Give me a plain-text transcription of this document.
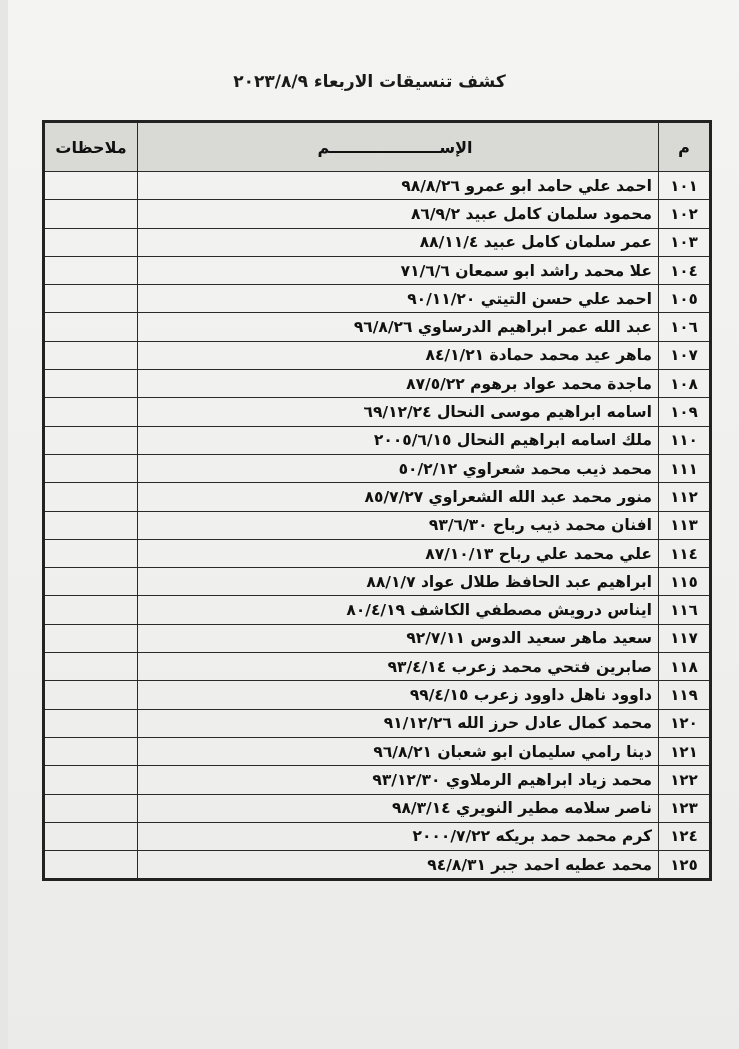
كشف تنسيقات الاربعاء ٢٠٢٣/٨/٩
م	الإســــــــــــــــــــم	ملاحظات
١٠١	احمد علي حامد ابو عمرو ٩٨/٨/٢٦	
١٠٢	محمود سلمان كامل عبيد ٨٦/٩/٢	
١٠٣	عمر سلمان كامل عبيد ٨٨/١١/٤	
١٠٤	علا محمد راشد ابو سمعان ٧١/٦/٦	
١٠٥	احمد علي حسن التيتي ٩٠/١١/٢٠	
١٠٦	عبد الله عمر ابراهيم الدرساوي ٩٦/٨/٢٦	
١٠٧	ماهر عيد محمد حمادة ٨٤/١/٢١	
١٠٨	ماجدة محمد عواد برهوم ٨٧/٥/٢٢	
١٠٩	اسامه ابراهيم موسى النحال ٦٩/١٢/٢٤	
١١٠	ملك اسامه ابراهيم النحال ٢٠٠٥/٦/١٥	
١١١	محمد ذيب محمد شعراوي ٥٠/٢/١٢	
١١٢	منور محمد عبد الله الشعراوي ٨٥/٧/٢٧	
١١٣	افنان محمد ذيب رباح ٩٣/٦/٣٠	
١١٤	علي محمد علي رباح ٨٧/١٠/١٣	
١١٥	ابراهيم عبد الحافظ طلال عواد ٨٨/١/٧	
١١٦	ايناس درويش مصطفي الكاشف ٨٠/٤/١٩	
١١٧	سعيد ماهر سعيد الدوس ٩٢/٧/١١	
١١٨	صابرين فتحي محمد زعرب ٩٣/٤/١٤	
١١٩	داوود ناهل داوود زعرب ٩٩/٤/١٥	
١٢٠	محمد كمال عادل حرز الله ٩١/١٢/٢٦	
١٢١	دينا رامي سليمان ابو شعبان ٩٦/٨/٢١	
١٢٢	محمد زياد ابراهيم الرملاوي ٩٣/١٢/٣٠	
١٢٣	ناصر سلامه مطير النويري ٩٨/٣/١٤	
١٢٤	كرم محمد حمد بريكه ٢٠٠٠/٧/٢٢	
١٢٥	محمد عطيه احمد جبر ٩٤/٨/٣١	
